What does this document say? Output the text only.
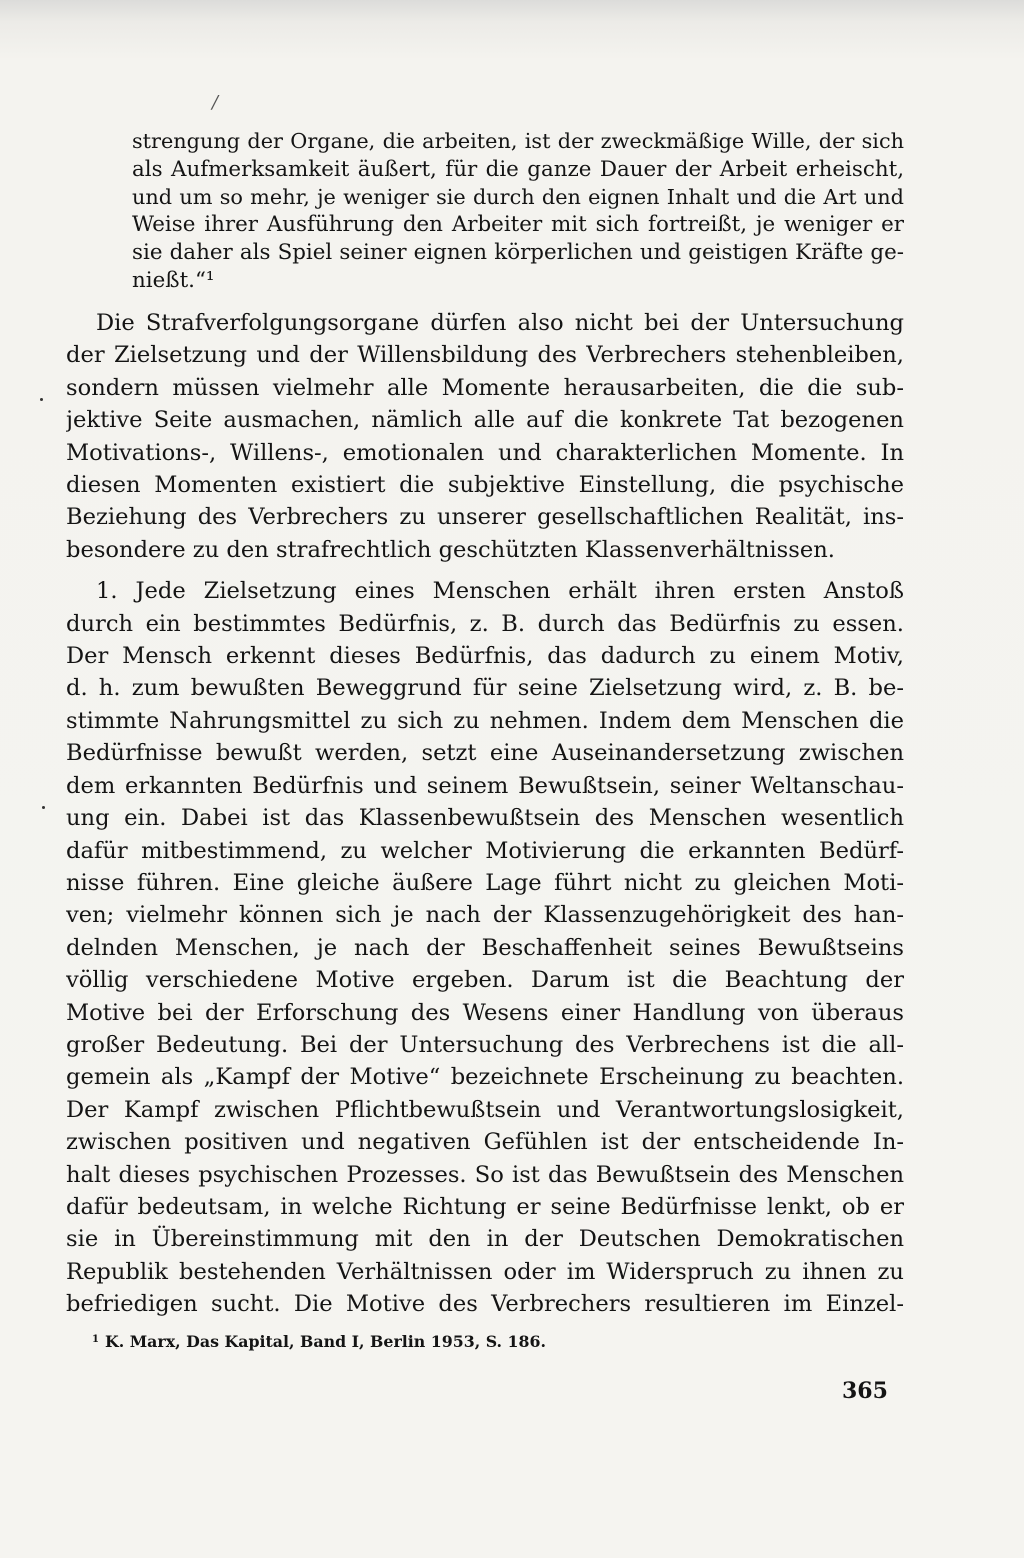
/
strengung der Organe, die arbeiten, ist der zweckmäßige Wille, der sich
als Aufmerksamkeit äußert, für die ganze Dauer der Arbeit erheischt,
und um so mehr, je weniger sie durch den eignen Inhalt und die Art und
Weise ihrer Ausführung den Arbeiter mit sich fortreißt, je weniger er
sie daher als Spiel seiner eignen körperlichen und geistigen Kräfte ge-
nießt.“¹
Die Strafverfolgungsorgane dürfen also nicht bei der Untersuchung
der Zielsetzung und der Willensbildung des Verbrechers stehenbleiben,
sondern müssen vielmehr alle Momente herausarbeiten, die die sub-
jektive Seite ausmachen, nämlich alle auf die konkrete Tat bezogenen
Motivations-, Willens-, emotionalen und charakterlichen Momente. In
diesen Momenten existiert die subjektive Einstellung, die psychische
Beziehung des Verbrechers zu unserer gesellschaftlichen Realität, ins-
besondere zu den strafrechtlich geschützten Klassenverhältnissen.
1. Jede Zielsetzung eines Menschen erhält ihren ersten Anstoß
durch ein bestimmtes Bedürfnis, z. B. durch das Bedürfnis zu essen.
Der Mensch erkennt dieses Bedürfnis, das dadurch zu einem Motiv,
d. h. zum bewußten Beweggrund für seine Zielsetzung wird, z. B. be-
stimmte Nahrungsmittel zu sich zu nehmen. Indem dem Menschen die
Bedürfnisse bewußt werden, setzt eine Auseinandersetzung zwischen
dem erkannten Bedürfnis und seinem Bewußtsein, seiner Weltanschau-
ung ein. Dabei ist das Klassenbewußtsein des Menschen wesentlich
dafür mitbestimmend, zu welcher Motivierung die erkannten Bedürf-
nisse führen. Eine gleiche äußere Lage führt nicht zu gleichen Moti-
ven; vielmehr können sich je nach der Klassenzugehörigkeit des han-
delnden Menschen, je nach der Beschaffenheit seines Bewußtseins
völlig verschiedene Motive ergeben. Darum ist die Beachtung der
Motive bei der Erforschung des Wesens einer Handlung von überaus
großer Bedeutung. Bei der Untersuchung des Verbrechens ist die all-
gemein als „Kampf der Motive“ bezeichnete Erscheinung zu beachten.
Der Kampf zwischen Pflichtbewußtsein und Verantwortungslosigkeit,
zwischen positiven und negativen Gefühlen ist der entscheidende In-
halt dieses psychischen Prozesses. So ist das Bewußtsein des Menschen
dafür bedeutsam, in welche Richtung er seine Bedürfnisse lenkt, ob er
sie in Übereinstimmung mit den in der Deutschen Demokratischen
Republik bestehenden Verhältnissen oder im Widerspruch zu ihnen zu
befriedigen sucht. Die Motive des Verbrechers resultieren im Einzel-
$^1$ K. Marx, Das Kapital, Band I, Berlin 1953, S. 186.
365
